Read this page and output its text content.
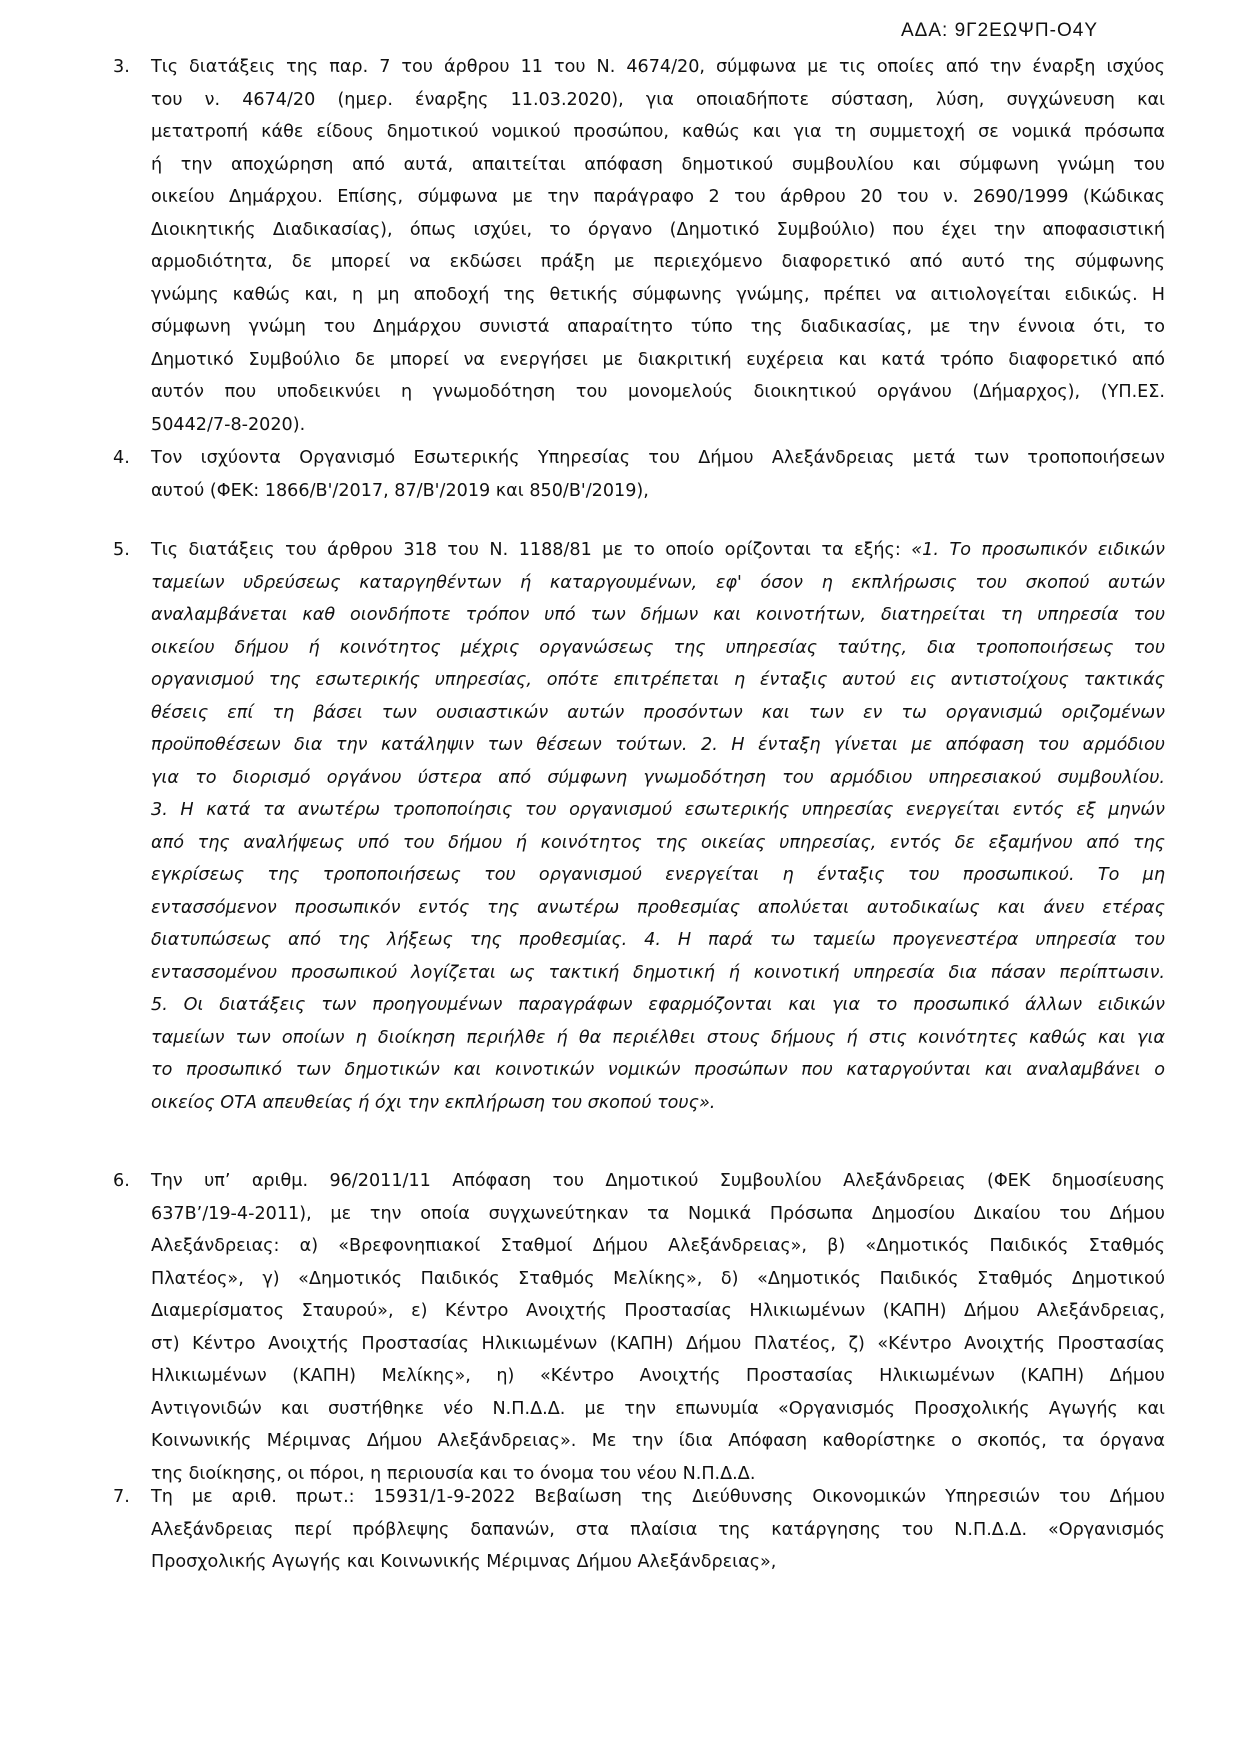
ΑΔΑ: 9Γ2ΕΩΨΠ-Ο4Υ
3.	Τις διατάξεις της παρ. 7 του άρθρου 11 του Ν. 4674/20, σύμφωνα με τις οποίες από την έναρξη ισχύος
του ν. 4674/20 (ημερ. έναρξης 11.03.2020), για οποιαδήποτε σύσταση, λύση, συγχώνευση και
μετατροπή κάθε είδους δημοτικού νομικού προσώπου, καθώς και για τη συμμετοχή σε νομικά πρόσωπα
ή την αποχώρηση από αυτά, απαιτείται απόφαση δημοτικού συμβουλίου και σύμφωνη γνώμη του
οικείου Δημάρχου. Επίσης, σύμφωνα με την παράγραφο 2 του άρθρου 20 του ν. 2690/1999 (Κώδικας
Διοικητικής Διαδικασίας), όπως ισχύει, το όργανο (Δημοτικό Συμβούλιο) που έχει την αποφασιστική
αρμοδιότητα, δε μπορεί να εκδώσει πράξη με περιεχόμενο διαφορετικό από αυτό της σύμφωνης
γνώμης καθώς και, η μη αποδοχή της θετικής σύμφωνης γνώμης, πρέπει να αιτιολογείται ειδικώς. Η
σύμφωνη γνώμη του Δημάρχου συνιστά απαραίτητο τύπο της διαδικασίας, με την έννοια ότι, το
Δημοτικό Συμβούλιο δε μπορεί να ενεργήσει με διακριτική ευχέρεια και κατά τρόπο διαφορετικό από
αυτόν που υποδεικνύει η γνωμοδότηση του μονομελούς διοικητικού οργάνου (Δήμαρχος), (ΥΠ.ΕΣ.
50442/7-8-2020).
4.	Τον ισχύοντα Οργανισμό Εσωτερικής Υπηρεσίας του Δήμου Αλεξάνδρειας μετά των τροποποιήσεων
αυτού (ΦΕΚ: 1866/Β'/2017, 87/Β'/2019 και 850/Β'/2019),
5.	Τις διατάξεις του άρθρου 318 του Ν. 1188/81 με το οποίο ορίζονται τα εξής: «1. Το προσωπικόν ειδικών
ταμείων υδρεύσεως καταργηθέντων ή καταργουμένων, εφ' όσον η εκπλήρωσις του σκοπού αυτών
αναλαμβάνεται καθ οιονδήποτε τρόπον υπό των δήμων και κοινοτήτων, διατηρείται τη υπηρεσία του
οικείου δήμου ή κοινότητος μέχρις οργανώσεως της υπηρεσίας ταύτης, δια τροποποιήσεως του
οργανισμού της εσωτερικής υπηρεσίας, οπότε επιτρέπεται η ένταξις αυτού εις αντιστοίχους τακτικάς
θέσεις επί τη βάσει των ουσιαστικών αυτών προσόντων και των εν τω οργανισμώ οριζομένων
προϋποθέσεων δια την κατάληψιν των θέσεων τούτων. 2. Η ένταξη γίνεται με απόφαση του αρμόδιου
για το διορισμό οργάνου ύστερα από σύμφωνη γνωμοδότηση του αρμόδιου υπηρεσιακού συμβουλίου.
3. Η κατά τα ανωτέρω τροποποίησις του οργανισμού εσωτερικής υπηρεσίας ενεργείται εντός εξ μηνών
από της αναλήψεως υπό του δήμου ή κοινότητος της οικείας υπηρεσίας, εντός δε εξαμήνου από της
εγκρίσεως της τροποποιήσεως του οργανισμού ενεργείται η ένταξις του προσωπικού. Το μη
εντασσόμενον προσωπικόν εντός της ανωτέρω προθεσμίας απολύεται αυτοδικαίως και άνευ ετέρας
διατυπώσεως από της λήξεως της προθεσμίας. 4. Η παρά τω ταμείω προγενεστέρα υπηρεσία του
εντασσομένου προσωπικού λογίζεται ως τακτική δημοτική ή κοινοτική υπηρεσία δια πάσαν περίπτωσιν.
5. Οι διατάξεις των προηγουμένων παραγράφων εφαρμόζονται και για το προσωπικό άλλων ειδικών
ταμείων των οποίων η διοίκηση περιήλθε ή θα περιέλθει στους δήμους ή στις κοινότητες καθώς και για
το προσωπικό των δημοτικών και κοινοτικών νομικών προσώπων που καταργούνται και αναλαμβάνει ο
οικείος ΟΤΑ απευθείας ή όχι την εκπλήρωση του σκοπού τους».
6.	Την υπ’ αριθμ. 96/2011/11 Απόφαση του Δημοτικού Συμβουλίου Αλεξάνδρειας (ΦΕΚ δημοσίευσης
637Β’/19-4-2011), με την οποία συγχωνεύτηκαν τα Νομικά Πρόσωπα Δημοσίου Δικαίου του Δήμου
Αλεξάνδρειας: α) «Βρεφονηπιακοί Σταθμοί Δήμου Αλεξάνδρειας», β) «Δημοτικός Παιδικός Σταθμός
Πλατέος», γ) «Δημοτικός Παιδικός Σταθμός Μελίκης», δ) «Δημοτικός Παιδικός Σταθμός Δημοτικού
Διαμερίσματος Σταυρού», ε) Κέντρο Ανοιχτής Προστασίας Ηλικιωμένων (ΚΑΠΗ) Δήμου Αλεξάνδρειας,
στ) Κέντρο Ανοιχτής Προστασίας Ηλικιωμένων (ΚΑΠΗ) Δήμου Πλατέος, ζ) «Κέντρο Ανοιχτής Προστασίας
Ηλικιωμένων (ΚΑΠΗ) Μελίκης», η) «Κέντρο Ανοιχτής Προστασίας Ηλικιωμένων (ΚΑΠΗ) Δήμου
Αντιγονιδών και συστήθηκε νέο Ν.Π.Δ.Δ. με την επωνυμία «Οργανισμός Προσχολικής Αγωγής και
Κοινωνικής Μέριμνας Δήμου Αλεξάνδρειας». Με την ίδια Απόφαση καθορίστηκε ο σκοπός, τα όργανα
της διοίκησης, οι πόροι, η περιουσία και το όνομα του νέου Ν.Π.Δ.Δ.
7.	Τη με αριθ. πρωτ.: 15931/1-9-2022 Βεβαίωση της Διεύθυνσης Οικονομικών Υπηρεσιών του Δήμου
Αλεξάνδρειας περί πρόβλεψης δαπανών, στα πλαίσια της κατάργησης του Ν.Π.Δ.Δ. «Οργανισμός
Προσχολικής Αγωγής και Κοινωνικής Μέριμνας Δήμου Αλεξάνδρειας»,
